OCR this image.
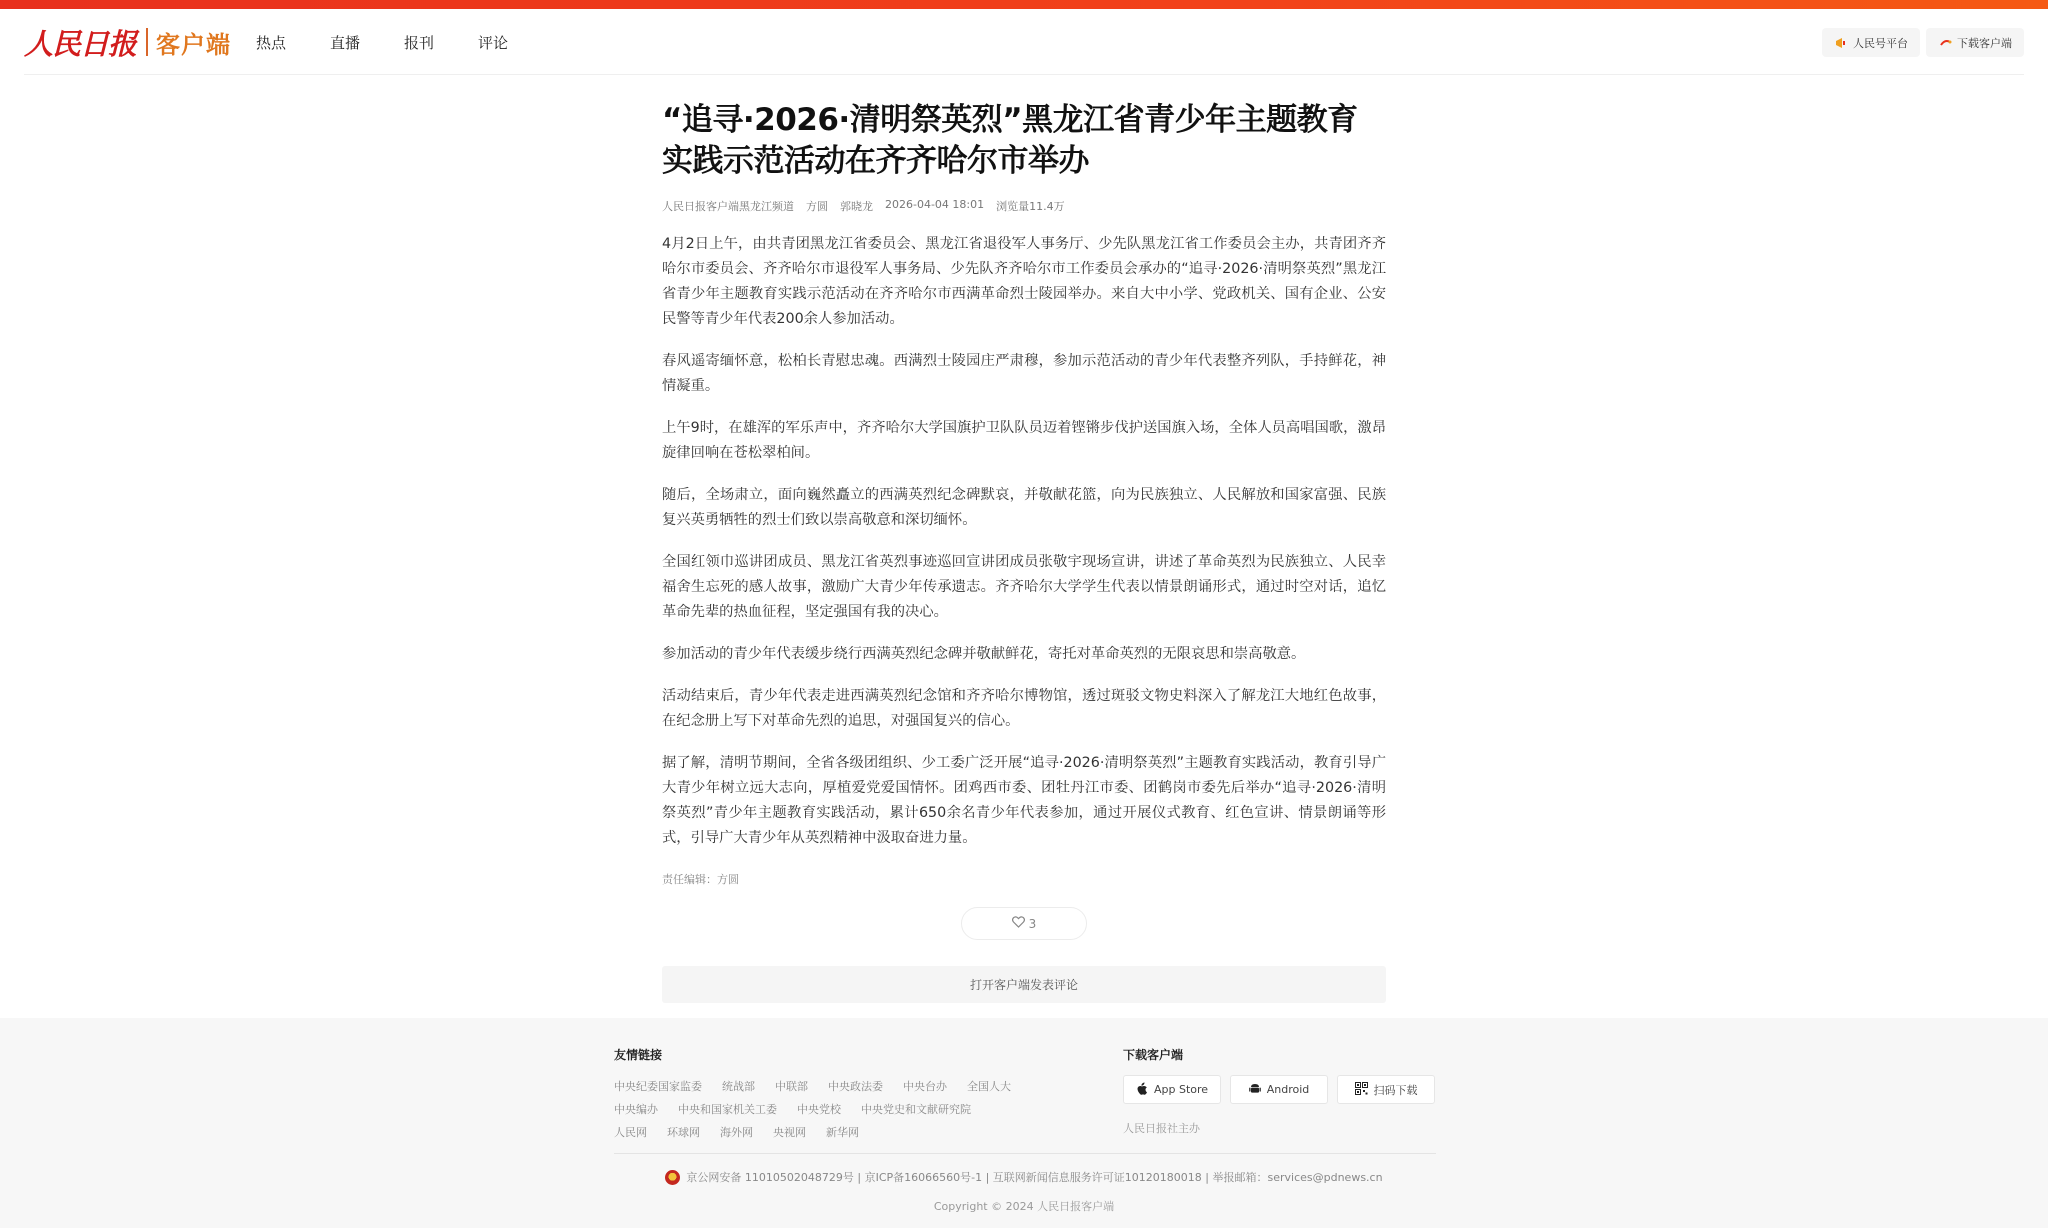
人民日报 客户端 热点	直播	报刊	评论	人民号平台	下载客户端
“追寻·2026·清明祭英烈”黑龙江省青少年主题教育实践示范活动在齐齐哈尔市举办
人民日报客户端黑龙江频道 方圆 郭晓龙 2026-04-04 18:01 浏览量11.4万

4月2日上午，由共青团黑龙江省委员会、黑龙江省退役军人事务厅、少先队黑龙江省工作委员会主办，共青团齐齐哈尔市委员会、齐齐哈尔市退役军人事务局、少先队齐齐哈尔市工作委员会承办的“追寻·2026·清明祭英烈”黑龙江省青少年主题教育实践示范活动在齐齐哈尔市西满革命烈士陵园举办。来自大中小学、党政机关、国有企业、公安民警等青少年代表200余人参加活动。

春风遥寄缅怀意，松柏长青慰忠魂。西满烈士陵园庄严肃穆，参加示范活动的青少年代表整齐列队，手持鲜花，神情凝重。

上午9时，在雄浑的军乐声中，齐齐哈尔大学国旗护卫队队员迈着铿锵步伐护送国旗入场，全体人员高唱国歌，激昂旋律回响在苍松翠柏间。

随后，全场肃立，面向巍然矗立的西满英烈纪念碑默哀，并敬献花篮，向为民族独立、人民解放和国家富强、民族复兴英勇牺牲的烈士们致以崇高敬意和深切缅怀。

全国红领巾巡讲团成员、黑龙江省英烈事迹巡回宣讲团成员张敬宇现场宣讲，讲述了革命英烈为民族独立、人民幸福舍生忘死的感人故事，激励广大青少年传承遗志。齐齐哈尔大学学生代表以情景朗诵形式，通过时空对话，追忆革命先辈的热血征程，坚定强国有我的决心。

参加活动的青少年代表缓步绕行西满英烈纪念碑并敬献鲜花，寄托对革命英烈的无限哀思和崇高敬意。

活动结束后，青少年代表走进西满英烈纪念馆和齐齐哈尔博物馆，透过斑驳文物史料深入了解龙江大地红色故事，在纪念册上写下对革命先烈的追思，对强国复兴的信心。

据了解，清明节期间，全省各级团组织、少工委广泛开展“追寻·2026·清明祭英烈”主题教育实践活动，教育引导广大青少年树立远大志向，厚植爱党爱国情怀。团鸡西市委、团牡丹江市委、团鹤岗市委先后举办“追寻·2026·清明祭英烈”青少年主题教育实践活动，累计650余名青少年代表参加，通过开展仪式教育、红色宣讲、情景朗诵等形式，引导广大青少年从英烈精神中汲取奋进力量。

责任编辑：方圆
3
打开客户端发表评论
友情链接
中央纪委国家监委 统战部 中联部 中央政法委 中央台办 全国人大
中央编办 中央和国家机关工委 中央党校 中央党史和文献研究院
人民网 环球网 海外网 央视网 新华网
下载客户端
App Store	Android	扫码下载
人民日报社主办
京公网安备 11010502048729号 | 京ICP备16066560号-1 | 互联网新闻信息服务许可证10120180018 | 举报邮箱：services@pdnews.cn
Copyright © 2024 人民日报客户端
